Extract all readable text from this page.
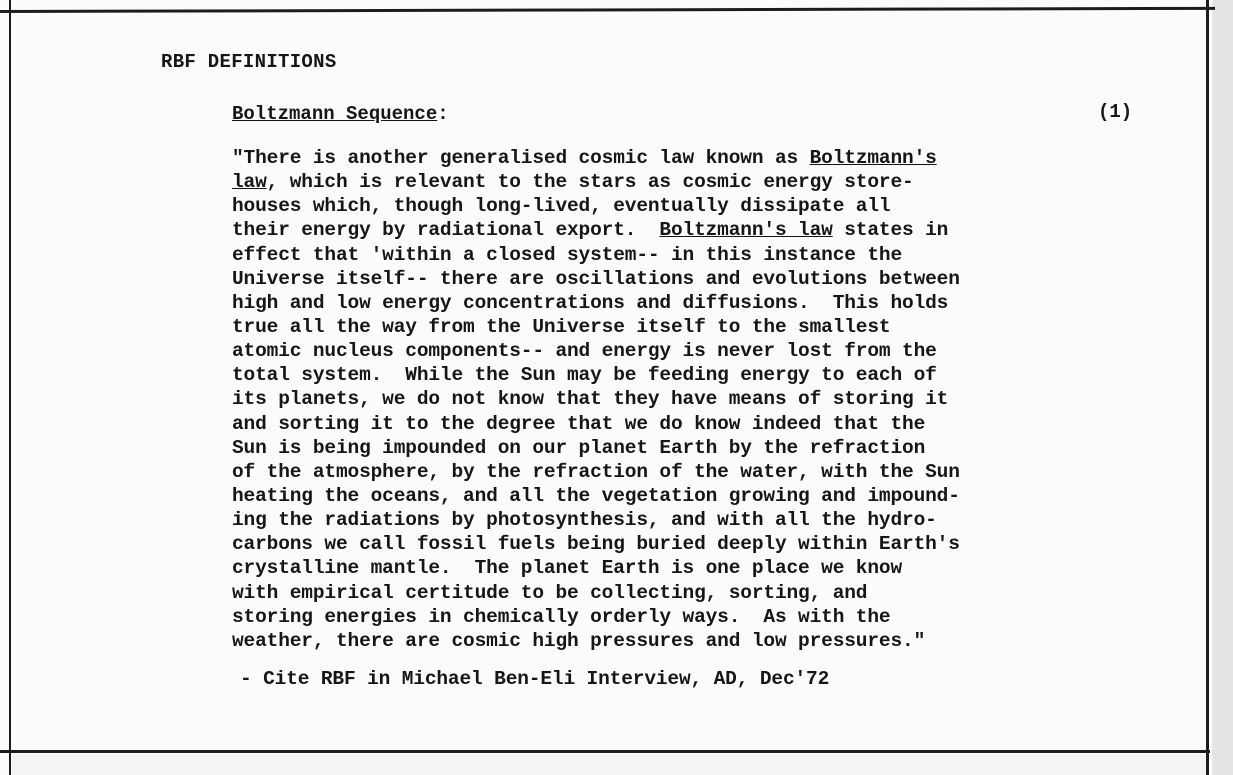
RBF DEFINITIONS
Boltzmann Sequence:	(1)
"There is another generalised cosmic law known as Boltzmann's
law, which is relevant to the stars as cosmic energy store-
houses which, though long-lived, eventually dissipate all
their energy by radiational export.  Boltzmann's law states in
effect that 'within a closed system-- in this instance the
Universe itself-- there are oscillations and evolutions between
high and low energy concentrations and diffusions.  This holds
true all the way from the Universe itself to the smallest
atomic nucleus components-- and energy is never lost from the
total system.  While the Sun may be feeding energy to each of
its planets, we do not know that they have means of storing it
and sorting it to the degree that we do know indeed that the
Sun is being impounded on our planet Earth by the refraction
of the atmosphere, by the refraction of the water, with the Sun
heating the oceans, and all the vegetation growing and impound-
ing the radiations by photosynthesis, and with all the hydro-
carbons we call fossil fuels being buried deeply within Earth's
crystalline mantle.  The planet Earth is one place we know
with empirical certitude to be collecting, sorting, and
storing energies in chemically orderly ways.  As with the
weather, there are cosmic high pressures and low pressures."
- Cite RBF in Michael Ben-Eli Interview, AD, Dec'72
